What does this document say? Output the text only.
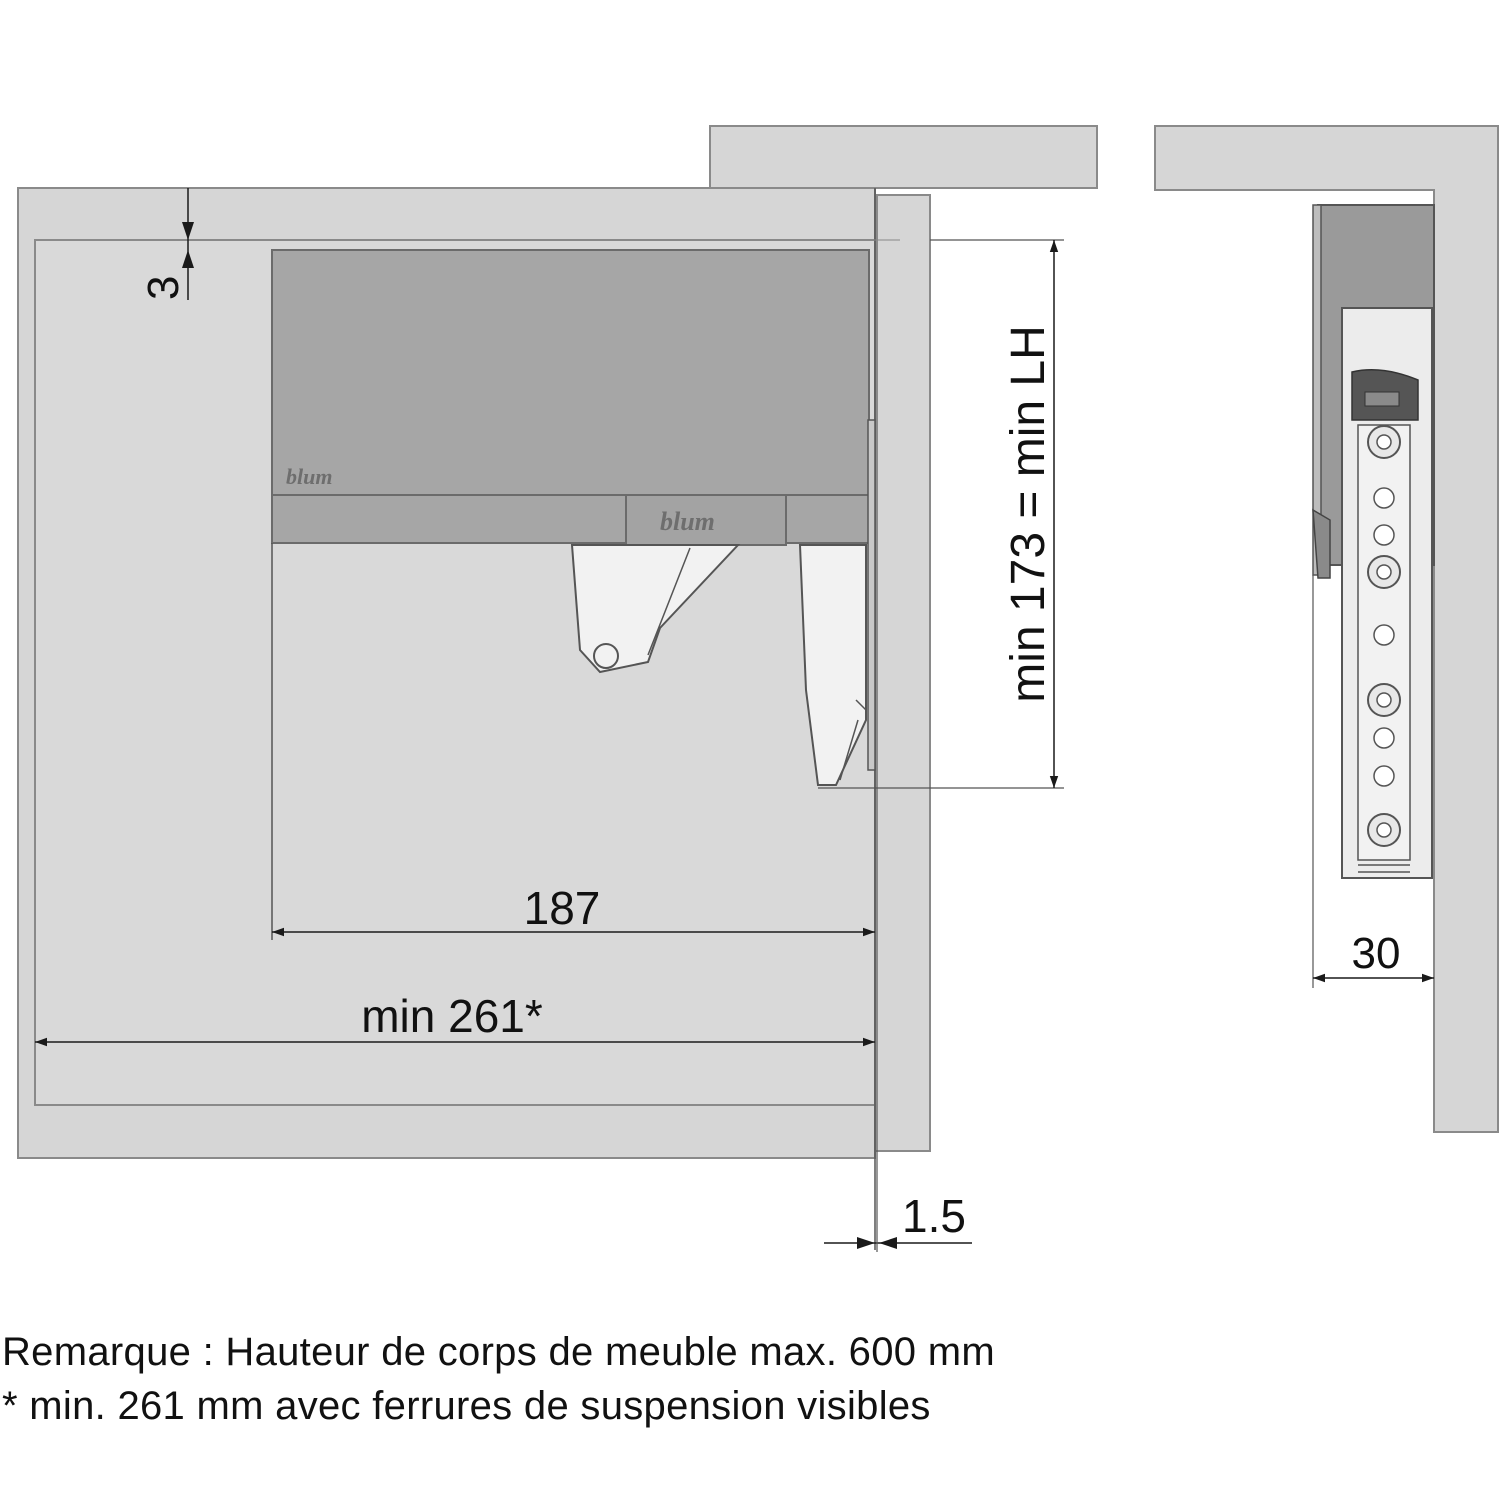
blum
blum
3
187
min 261*
min 173 = min LH
1.5
30
Remarque : Hauteur de corps de meuble max. 600 mm
* min. 261 mm avec ferrures de suspension visibles
